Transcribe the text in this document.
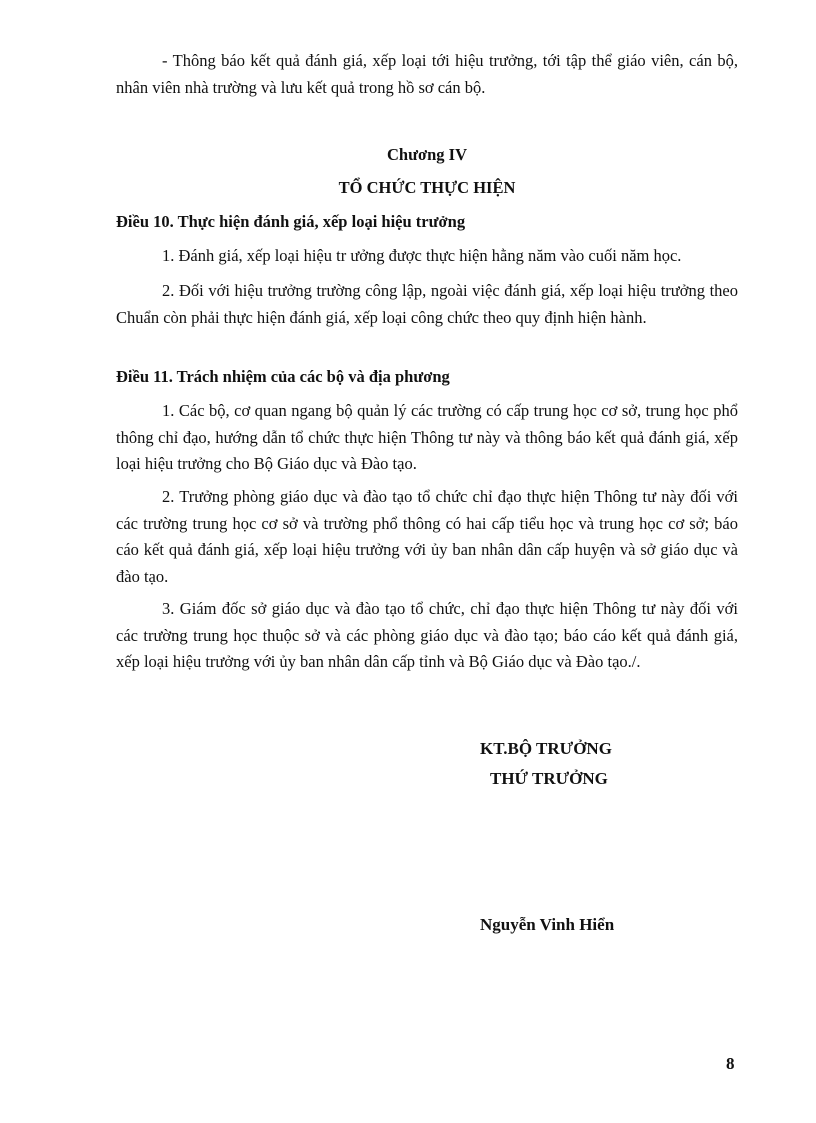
- Thông báo kết quả đánh giá, xếp loại tới hiệu trưởng, tới tập thể giáo viên, cán bộ, nhân viên nhà trường và lưu kết quả trong hồ sơ cán bộ.

Chương IV

TỔ CHỨC THỰC HIỆN

Điều 10. Thực hiện đánh giá, xếp loại hiệu trưởng

1. Đánh giá, xếp loại hiệu tr ưởng được thực hiện hằng năm vào cuối năm học.

2. Đối với hiệu trưởng trường công lập, ngoài việc đánh giá, xếp loại hiệu trưởng theo Chuẩn còn phải thực hiện đánh giá, xếp loại công chức theo quy định hiện hành.

Điều 11. Trách nhiệm của các bộ và địa phương

1. Các bộ, cơ quan ngang bộ quản lý các trường có cấp trung học cơ sở, trung học phổ thông chỉ đạo, hướng dẫn tổ chức thực hiện Thông tư này và thông báo kết quả đánh giá, xếp loại hiệu trưởng cho Bộ Giáo dục và Đào tạo.

2. Trưởng phòng giáo dục và đào tạo tổ chức chỉ đạo thực hiện Thông tư này đối với các trường trung học cơ sở và trường phổ thông có hai cấp tiểu học và trung học cơ sở; báo cáo kết quả đánh giá, xếp loại hiệu trưởng với ủy ban nhân dân cấp huyện và sở giáo dục và đào tạo.

3. Giám đốc sở giáo dục và đào tạo tổ chức, chỉ đạo thực hiện Thông tư này đối với các trường trung học thuộc sở và các phòng giáo dục và đào tạo; báo cáo kết quả đánh giá, xếp loại hiệu trưởng với ủy ban nhân dân cấp tỉnh và Bộ Giáo dục và Đào tạo./.

KT.BỘ TRƯỞNG

THỨ TRƯỞNG

Nguyễn Vinh Hiển

8
